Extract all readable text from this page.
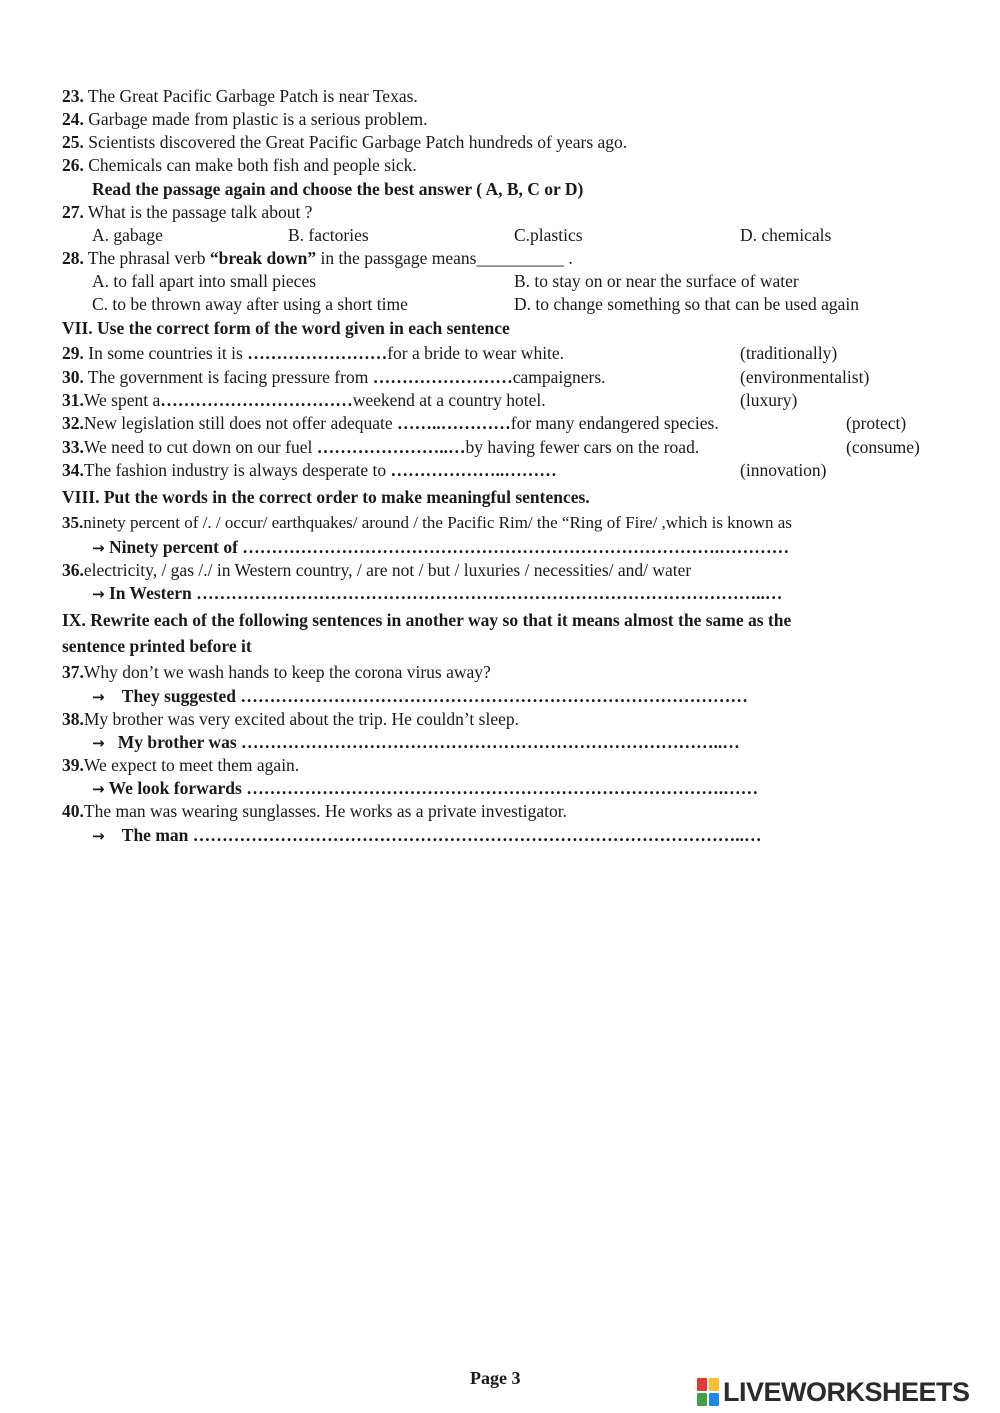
23. The Great Pacific Garbage Patch is near Texas.
24. Garbage made from plastic is a serious problem.
25. Scientists discovered the Great Pacific Garbage Patch hundreds of years ago.
26. Chemicals can make both fish and people sick.
Read the passage again and choose the best answer ( A, B, C or D)
27. What is the passage talk about ?
A. gabage	B. factories	C.plastics	D. chemicals
28. The phrasal verb “break down” in the passgage means__________ .
A. to fall apart into small pieces	B. to stay on or near the surface of water
C. to be thrown away after using a short time	D. to change something so that can be used again
VII. Use the correct form of the word given in each sentence
29. In some countries it is ……………………for a bride to wear white.	(traditionally)
30. The government is facing pressure from ……………………campaigners.	(environmentalist)
31.We spent a……………………………weekend at a country hotel.	(luxury)
32.New legislation still does not offer adequate ……..…………for many endangered species.	(protect)
33.We need to cut down on our fuel …………………..…by having fewer cars on the road.	(consume)
34.The fashion industry is always desperate to ………………..………	(innovation)
VIII. Put the words in the correct order to make meaningful sentences.
35.ninety percent of /. / occur/ earthquakes/ around / the Pacific Rim/ the “Ring of Fire/ ,which is known as
→ Ninety percent of ……………………………………………………………………….…………
36.electricity, / gas /./ in Western country, / are not / but / luxuries / necessities/ and/ water
→ In Western ……………………………………………………………………………………..…
IX. Rewrite each of the following sentences in another way so that it means almost the same as the
sentence printed before it
37.Why don’t we wash hands to keep the corona virus away?
→ They suggested ……………………………………………………………………………
38.My brother was very excited about the trip. He couldn’t sleep.
→ My brother was ………………………………………………………………………..…
39.We expect to meet them again.
→ We look forwards ……………………………………………………………………….……
40.The man was wearing sunglasses. He works as a private investigator.
→ The man …………………………………………………………………………………..…
Page 3	LIVEWORKSHEETS
